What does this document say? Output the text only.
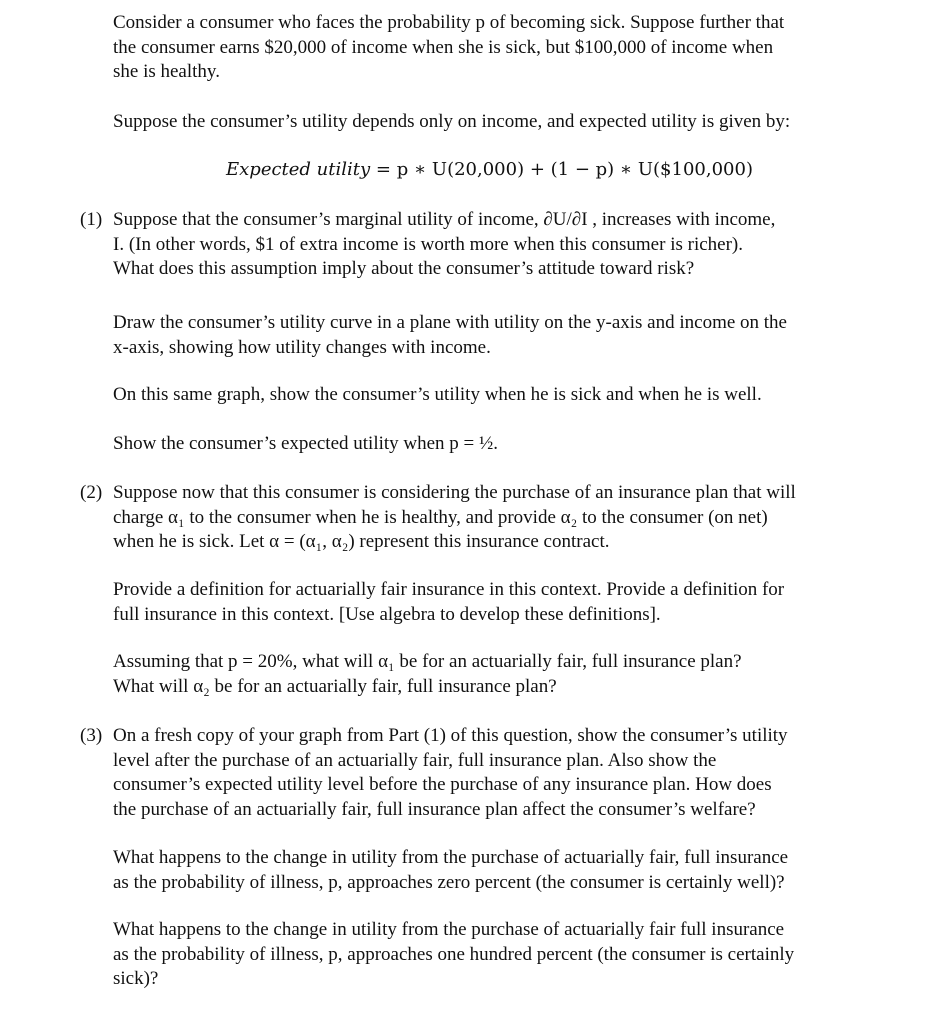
Consider a consumer who faces the probability p of becoming sick. Suppose further that
the consumer earns $20,000 of income when she is sick, but $100,000 of income when
she is healthy.
Suppose the consumer’s utility depends only on income, and expected utility is given by:
Expected utility = p ∗ U(20,000) + (1 − p) ∗ U($100,000)
(1) Suppose that the consumer’s marginal utility of income, ∂U/∂I , increases with income,
I. (In other words, $1 of extra income is worth more when this consumer is richer).
What does this assumption imply about the consumer’s attitude toward risk?
Draw the consumer’s utility curve in a plane with utility on the y-axis and income on the
x-axis, showing how utility changes with income.
On this same graph, show the consumer’s utility when he is sick and when he is well.
Show the consumer’s expected utility when p = ½.
(2) Suppose now that this consumer is considering the purchase of an insurance plan that will
charge α₁ to the consumer when he is healthy, and provide α₂ to the consumer (on net)
when he is sick. Let α = (α₁, α₂) represent this insurance contract.
Provide a definition for actuarially fair insurance in this context. Provide a definition for
full insurance in this context. [Use algebra to develop these definitions].
Assuming that p = 20%, what will α₁ be for an actuarially fair, full insurance plan?
What will α₂ be for an actuarially fair, full insurance plan?
(3) On a fresh copy of your graph from Part (1) of this question, show the consumer’s utility
level after the purchase of an actuarially fair, full insurance plan. Also show the
consumer’s expected utility level before the purchase of any insurance plan. How does
the purchase of an actuarially fair, full insurance plan affect the consumer’s welfare?
What happens to the change in utility from the purchase of actuarially fair, full insurance
as the probability of illness, p, approaches zero percent (the consumer is certainly well)?
What happens to the change in utility from the purchase of actuarially fair full insurance
as the probability of illness, p, approaches one hundred percent (the consumer is certainly
sick)?
